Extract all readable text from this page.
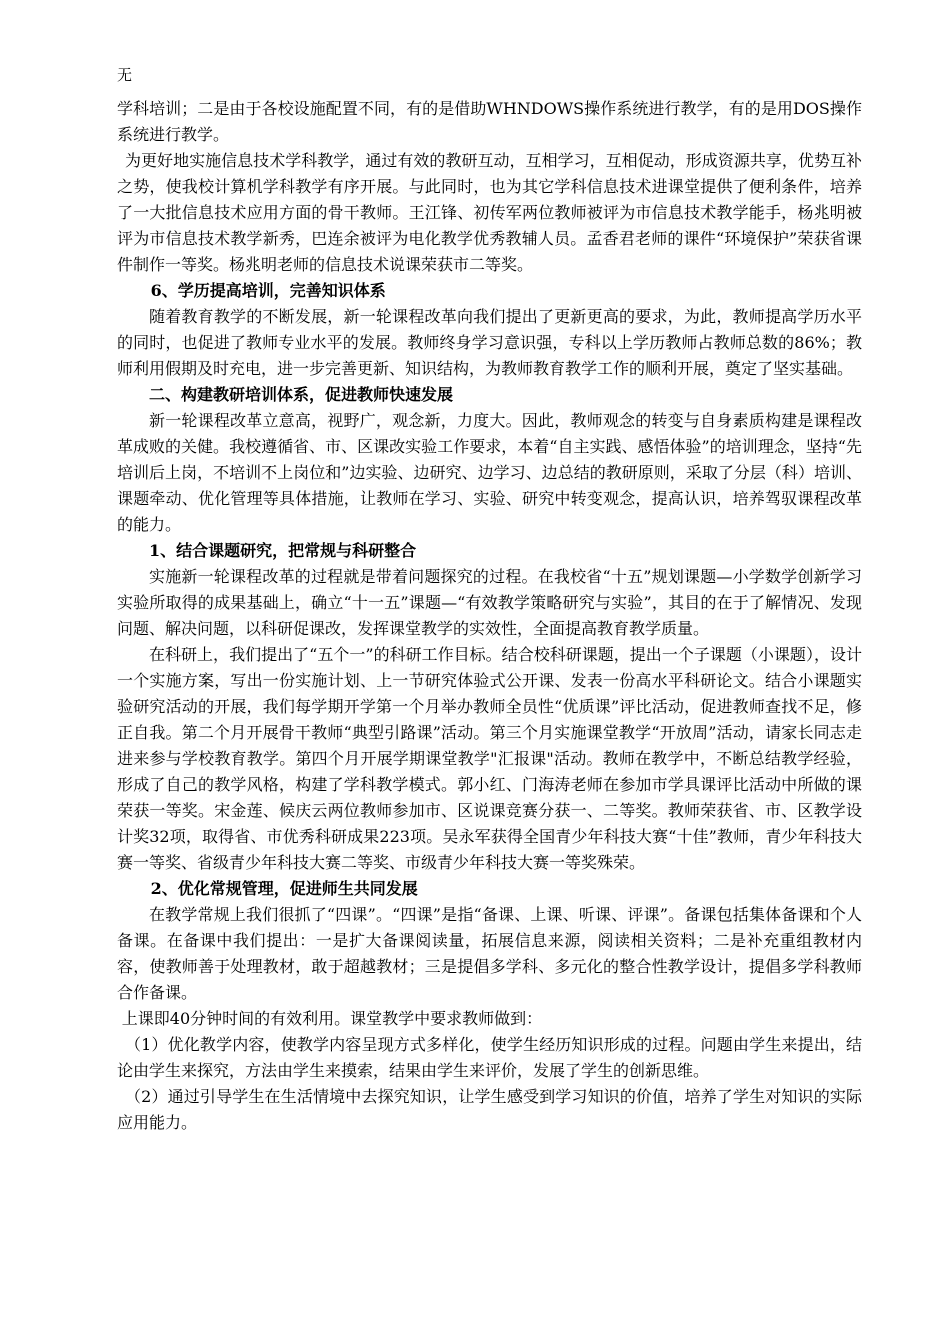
无

学科培训；二是由于各校设施配置不同，有的是借助WHNDOWS操作系统进行教学，有的是用DOS操作系统进行教学。

为更好地实施信息技术学科教学，通过有效的教研互动，互相学习，互相促动，形成资源共享，优势互补之势，使我校计算机学科教学有序开展。与此同时，也为其它学科信息技术进课堂提供了便利条件，培养了一大批信息技术应用方面的骨干教师。王江锋、初传军两位教师被评为市信息技术教学能手，杨兆明被评为市信息技术教学新秀，巴连余被评为电化教学优秀教辅人员。孟香君老师的课件“环境保护”荣获省课件制作一等奖。杨兆明老师的信息技术说课荣获市二等奖。

6、学历提高培训，完善知识体系

随着教育教学的不断发展，新一轮课程改革向我们提出了更新更高的要求，为此，教师提高学历水平的同时，也促进了教师专业水平的发展。教师终身学习意识强，专科以上学历教师占教师总数的86%；教师利用假期及时充电，进一步完善更新、知识结构，为教师教育教学工作的顺利开展，奠定了坚实基础。

二、构建教研培训体系，促进教师快速发展

新一轮课程改革立意高，视野广，观念新，力度大。因此，教师观念的转变与自身素质构建是课程改革成败的关健。我校遵循省、市、区课改实验工作要求，本着“自主实践、感悟体验”的培训理念，坚持“先培训后上岗，不培训不上岗位和”边实验、边研究、边学习、边总结的教研原则，采取了分层（科）培训、课题牵动、优化管理等具体措施，让教师在学习、实验、研究中转变观念，提高认识，培养驾驭课程改革的能力。

1、结合课题研究，把常规与科研整合

实施新一轮课程改革的过程就是带着问题探究的过程。在我校省“十五”规划课题—小学数学创新学习实验所取得的成果基础上，确立“十一五”课题—“有效教学策略研究与实验”，其目的在于了解情况、发现问题、解决问题，以科研促课改，发挥课堂教学的实效性，全面提高教育教学质量。

在科研上，我们提出了“五个一”的科研工作目标。结合校科研课题，提出一个子课题（小课题），设计一个实施方案，写出一份实施计划、上一节研究体验式公开课、发表一份高水平科研论文。结合小课题实验研究活动的开展，我们每学期开学第一个月举办教师全员性“优质课”评比活动，促进教师查找不足，修正自我。第二个月开展骨干教师“典型引路课”活动。第三个月实施课堂教学“开放周”活动，请家长同志走进来参与学校教育教学。第四个月开展学期课堂教学"汇报课"活动。教师在教学中，不断总结教学经验，形成了自己的教学风格，构建了学科教学模式。郭小红、门海涛老师在参加市学具课评比活动中所做的课荣获一等奖。宋金莲、候庆云两位教师参加市、区说课竞赛分获一、二等奖。教师荣获省、市、区教学设计奖32项，取得省、市优秀科研成果223项。吴永军获得全国青少年科技大赛“十佳”教师，青少年科技大赛一等奖、省级青少年科技大赛二等奖、市级青少年科技大赛一等奖殊荣。

2、优化常规管理，促进师生共同发展

在教学常规上我们很抓了“四课”。“四课”是指“备课、上课、听课、评课”。备课包括集体备课和个人备课。在备课中我们提出：一是扩大备课阅读量，拓展信息来源，阅读相关资料；二是补充重组教材内容，使教师善于处理教材，敢于超越教材；三是提倡多学科、多元化的整合性教学设计，提倡多学科教师合作备课。

上课即40分钟时间的有效利用。课堂教学中要求教师做到：

（1）优化教学内容，使教学内容呈现方式多样化，使学生经历知识形成的过程。问题由学生来提出，结论由学生来探究，方法由学生来摸索，结果由学生来评价，发展了学生的创新思维。

（2）通过引导学生在生活情境中去探究知识，让学生感受到学习知识的价值，培养了学生对知识的实际应用能力。
